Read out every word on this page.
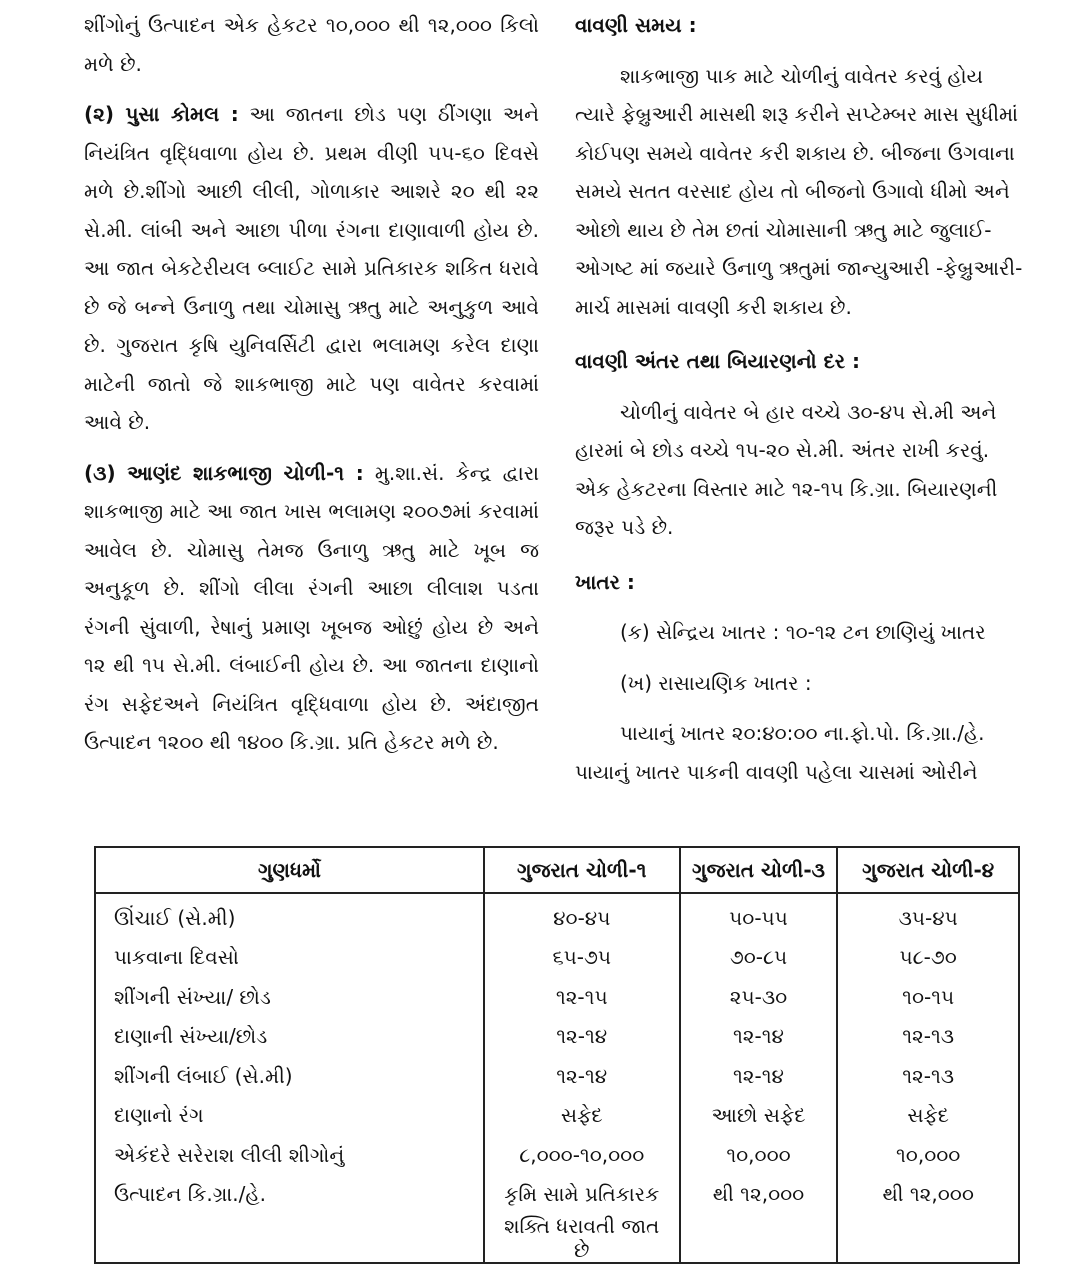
શીંગોનું ઉત્પાદન એક હેકટર ૧૦,૦૦૦ થી ૧૨,૦૦૦ કિલો મળે છે.

(૨) પુસા કોમલ : આ જાતના છોડ પણ ઠીંગણા અને નિયંત્રિત વૃદ્ધિવાળા હોય છે. પ્રથમ વીણી ૫૫-૬૦ દિવસે મળે છે.શીંગો આછી લીલી, ગોળાકાર આશરે ૨૦ થી ૨૨ સે.મી. લાંબી અને આછા પીળા રંગના દાણાવાળી હોય છે. આ જાત બેકટેરીયલ બ્લાઈટ સામે પ્રતિકારક શકિત ધરાવે છે જે બન્ને ઉનાળુ તથા ચોમાસુ ઋતુ માટે અનુકુળ આવે છે. ગુજરાત કૃષિ યુનિવર્સિટી દ્વારા ભલામણ કરેલ દાણા માટેની જાતો જે શાકભાજી માટે પણ વાવેતર કરવામાં આવે છે.

(૩) આણંદ શાકભાજી ચોળી-૧ : મુ.શા.સં. કેન્દ્ર દ્વારા શાકભાજી માટે આ જાત ખાસ ભલામણ ૨૦૦૭માં કરવામાં આવેલ છે. ચોમાસુ તેમજ ઉનાળુ ઋતુ માટે ખૂબ જ અનુકૂળ છે. શીંગો લીલા રંગની આછા લીલાશ પડતા રંગની સુંવાળી, રેષાનું પ્રમાણ ખૂબજ ઓછું હોય છે અને ૧૨ થી ૧૫ સે.મી. લંબાઈની હોય છે. આ જાતના દાણાનો રંગ સફેદઅને નિયંત્રિત વૃદ્ધિવાળા હોય છે. અંદાજીત ઉત્પાદન ૧૨૦૦ થી ૧૪૦૦ કિ.ગ્રા. પ્રતિ હેકટર મળે છે.

વાવણી સમય :

શાકભાજી પાક માટે ચોળીનું વાવેતર કરવું હોય ત્યારે ફેબ્રુઆરી માસથી શરૂ કરીને સપ્ટેમ્બર માસ સુધીમાં કોઈપણ સમયે વાવેતર કરી શકાય છે. બીજના ઉગવાના સમયે સતત વરસાદ હોય તો બીજનો ઉગાવો ધીમો અને ઓછો થાય છે તેમ છતાં ચોમાસાની ઋતુ માટે જુલાઈ-ઓગષ્ટ માં જયારે ઉનાળુ ઋતુમાં જાન્યુઆરી -ફેબ્રુઆરી-માર્ચ માસમાં વાવણી કરી શકાય છે.

વાવણી અંતર તથા બિયારણનો દર :

ચોળીનું વાવેતર બે હાર વચ્ચે ૩૦-૪૫ સે.મી અને હારમાં બે છોડ વચ્ચે ૧૫-૨૦ સે.મી. અંતર રાખી કરવું. એક હેકટરના વિસ્તાર માટે ૧૨-૧૫ કિ.ગ્રા. બિયારણની જરૂર પડે છે.

ખાતર :

(ક) સેન્દ્રિય ખાતર : ૧૦-૧૨ ટન છાણિયું ખાતર

(ખ) રાસાયણિક ખાતર :

પાયાનું ખાતર ૨૦:૪૦:૦૦ ના.ફો.પો. કિ.ગ્રા./હે. પાયાનું ખાતર પાકની વાવણી પહેલા ચાસમાં ઓરીને

ગુણધર્મો	ગુજરાત ચોળી-૧	ગુજરાત ચોળી-૩	ગુજરાત ચોળી-૪
ઊંચાઈ (સે.મી)	૪૦-૪૫	૫૦-૫૫	૩૫-૪૫
પાકવાના દિવસો	૬૫-૭૫	૭૦-૮૫	૫૮-૭૦
શીંગની સંખ્યા/ છોડ	૧૨-૧૫	૨૫-૩૦	૧૦-૧૫
દાણાની સંખ્યા/છોડ	૧૨-૧૪	૧૨-૧૪	૧૨-૧૩
શીંગની લંબાઈ (સે.મી)	૧૨-૧૪	૧૨-૧૪	૧૨-૧૩
દાણાનો રંગ	સફેદ	આછો સફેદ	સફેદ
એકંદરે સરેરાશ લીલી શીગોનું	૮,૦૦૦-૧૦,૦૦૦	૧૦,૦૦૦	૧૦,૦૦૦
ઉત્પાદન કિ.ગ્રા./હે.	કૃમિ સામે પ્રતિકારક	થી ૧૨,૦૦૦	થી ૧૨,૦૦૦
	શક્તિ ધરાવતી જાત છે		
